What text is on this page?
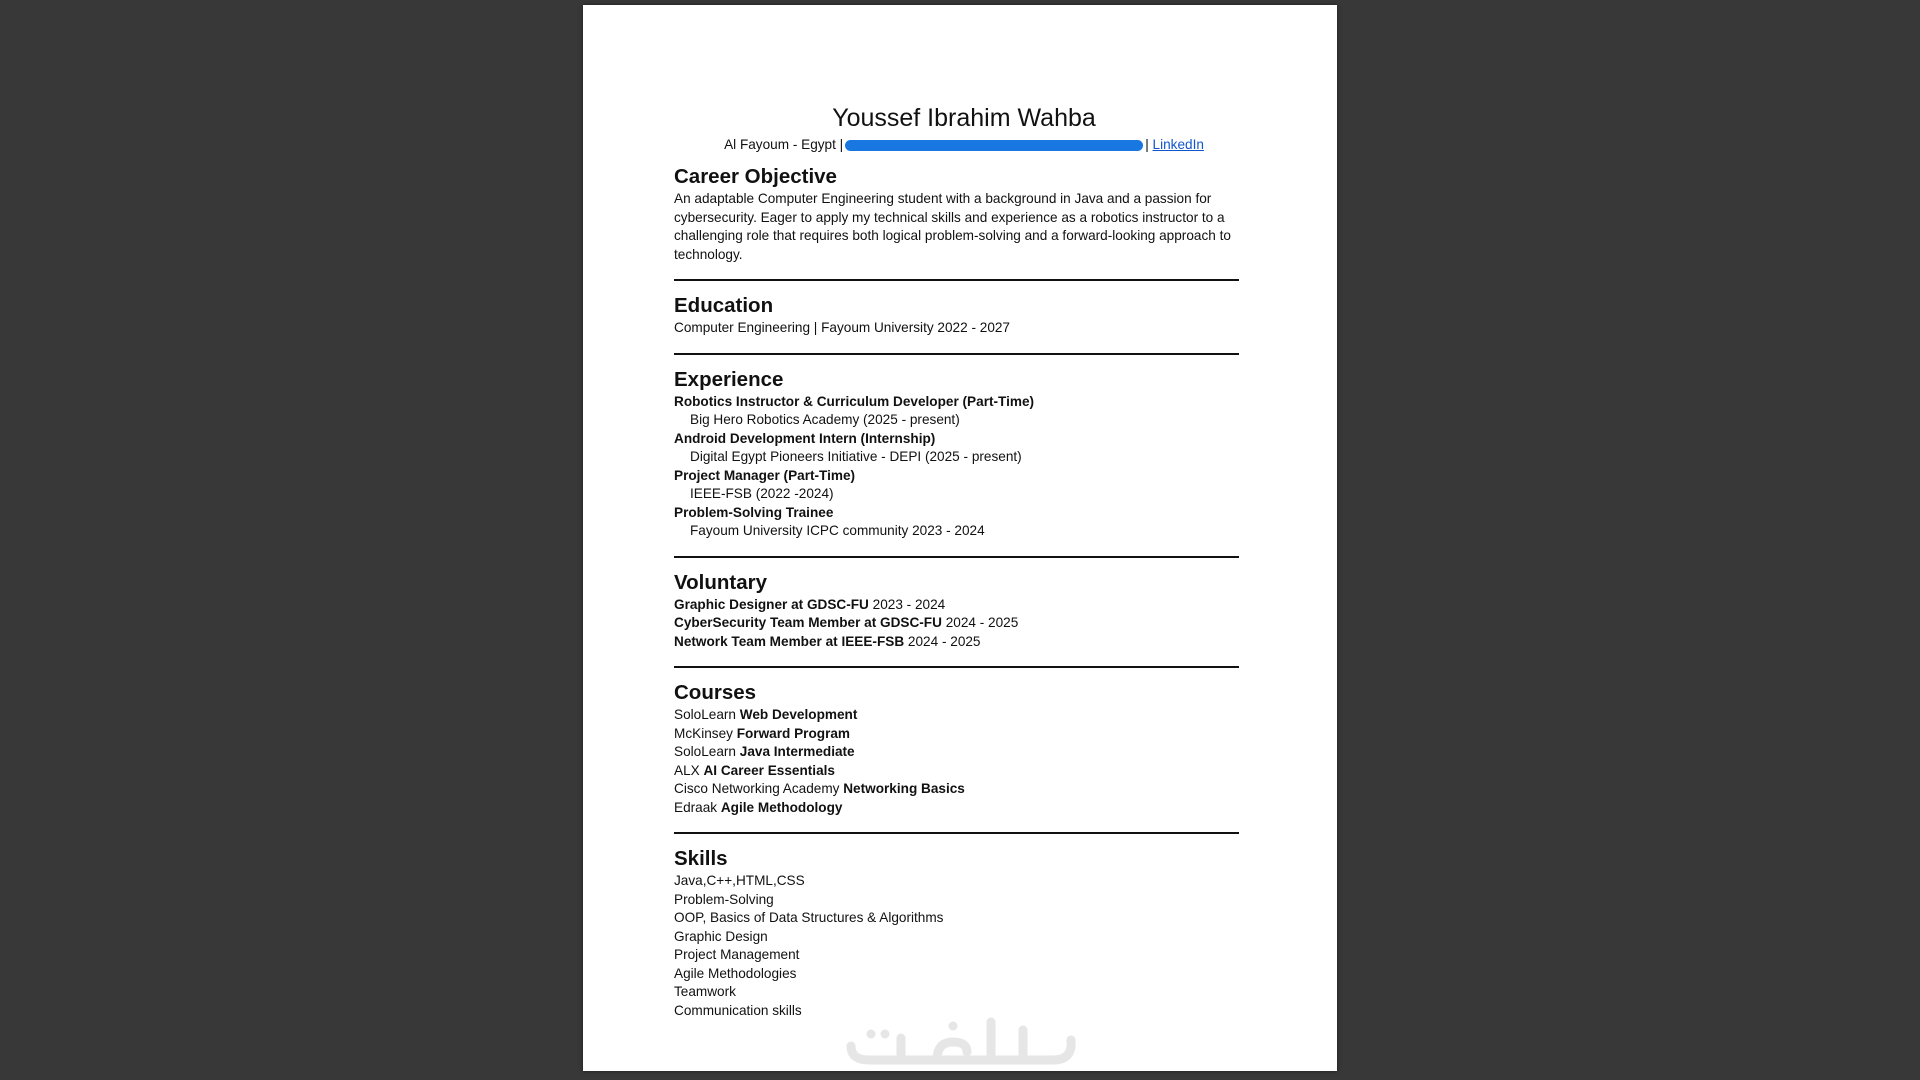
Youssef Ibrahim Wahba
Al Fayoum - Egypt |	| LinkedIn
Career Objective

An adaptable Computer Engineering student with a background in Java and a passion for cybersecurity. Eager to apply my technical skills and experience as a robotics instructor to a challenging role that requires both logical problem-solving and a forward-looking approach to technology.

Education

Computer Engineering | Fayoum University 2022 - 2027

Experience
Robotics Instructor & Curriculum Developer (Part-Time)
Big Hero Robotics Academy (2025 - present)
Android Development Intern (Internship)
Digital Egypt Pioneers Initiative - DEPI (2025 - present)
Project Manager (Part-Time)
IEEE-FSB (2022 -2024)
Problem-Solving Trainee
Fayoum University ICPC community 2023 - 2024
Voluntary
Graphic Designer at GDSC-FU 2023 - 2024
CyberSecurity Team Member at GDSC-FU 2024 - 2025
Network Team Member at IEEE-FSB 2024 - 2025
Courses
SoloLearn Web Development
McKinsey Forward Program
SoloLearn Java Intermediate
ALX AI Career Essentials
Cisco Networking Academy Networking Basics
Edraak Agile Methodology
Skills
Java,C++,HTML,CSS
Problem-Solving
OOP, Basics of Data Structures & Algorithms
Graphic Design
Project Management
Agile Methodologies
Teamwork
Communication skills
